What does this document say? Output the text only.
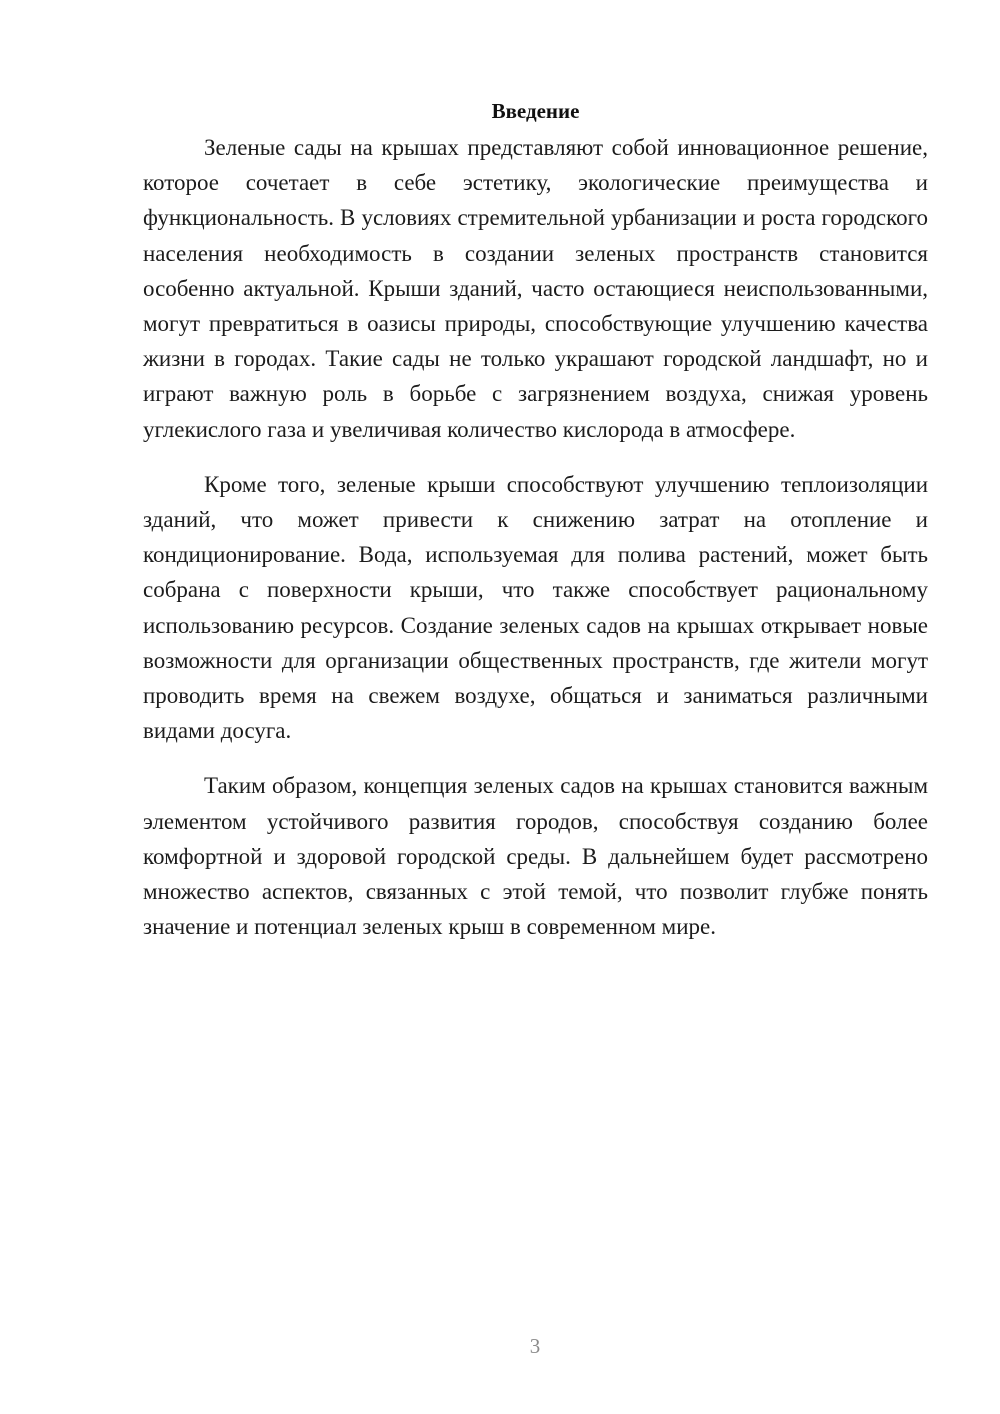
Введение

Зеленые сады на крышах представляют собой инновационное решение, которое сочетает в себе эстетику, экологические преимущества и функциональность. В условиях стремительной урбанизации и роста городского населения необходимость в создании зеленых пространств становится особенно актуальной. Крыши зданий, часто остающиеся неиспользованными, могут превратиться в оазисы природы, способствующие улучшению качества жизни в городах. Такие сады не только украшают городской ландшафт, но и играют важную роль в борьбе с загрязнением воздуха, снижая уровень углекислого газа и увеличивая количество кислорода в атмосфере.

Кроме того, зеленые крыши способствуют улучшению теплоизоляции зданий, что может привести к снижению затрат на отопление и кондиционирование. Вода, используемая для полива растений, может быть собрана с поверхности крыши, что также способствует рациональному использованию ресурсов. Создание зеленых садов на крышах открывает новые возможности для организации общественных пространств, где жители могут проводить время на свежем воздухе, общаться и заниматься различными видами досуга.

Таким образом, концепция зеленых садов на крышах становится важным элементом устойчивого развития городов, способствуя созданию более комфортной и здоровой городской среды. В дальнейшем будет рассмотрено множество аспектов, связанных с этой темой, что позволит глубже понять значение и потенциал зеленых крыш в современном мире.

3
